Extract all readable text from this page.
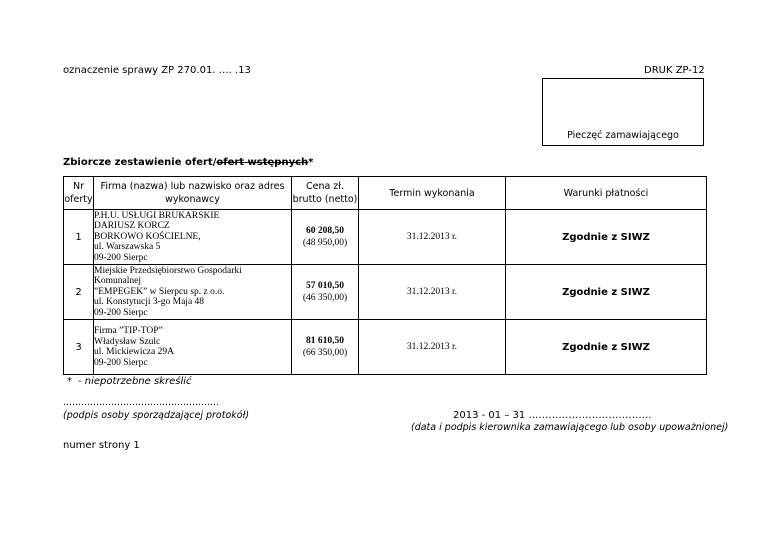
oznaczenie sprawy ZP 270.01. …. .13	DRUK ZP-12
Pieczęć zamawiającego
Zbiorcze zestawienie ofert/ofert wstępnych*
Nr oferty	Firma (nazwa) lub nazwisko oraz adres wykonawcy	Cena zł. brutto (netto)	Termin wykonania	Warunki płatności
1	P.H.U. USŁUGI BRUKARSKIE
DARIUSZ KORCZ
BORKOWO KOŚCIELNE,
ul. Warszawska 5
09-200 Sierpc	60 208,50
(48 950,00)	31.12.2013 r.	Zgodnie z SIWZ
2	Miejskie Przedsiębiorstwo Gospodarki Komunalnej
”EMPEGEK” w Sierpcu sp. z o.o.
ul. Konstytucji 3-go Maja 48
09-200 Sierpc	57 010,50
(46 350,00)	31.12.2013 r.	Zgodnie z SIWZ
3	Firma ”TIP-TOP”
Władysław Szulc
ul. Mickiewicza 29A
09-200 Sierpc	81 610,50
(66 350,00)	31.12.2013 r.	Zgodnie z SIWZ
* - niepotrzebne skreślić
…………………………………………….
(podpis osoby sporządzającej protokół)	2013 - 01 – 31 ……………………………….
(data i podpis kierownika zamawiającego lub osoby upoważnionej)
numer strony 1
